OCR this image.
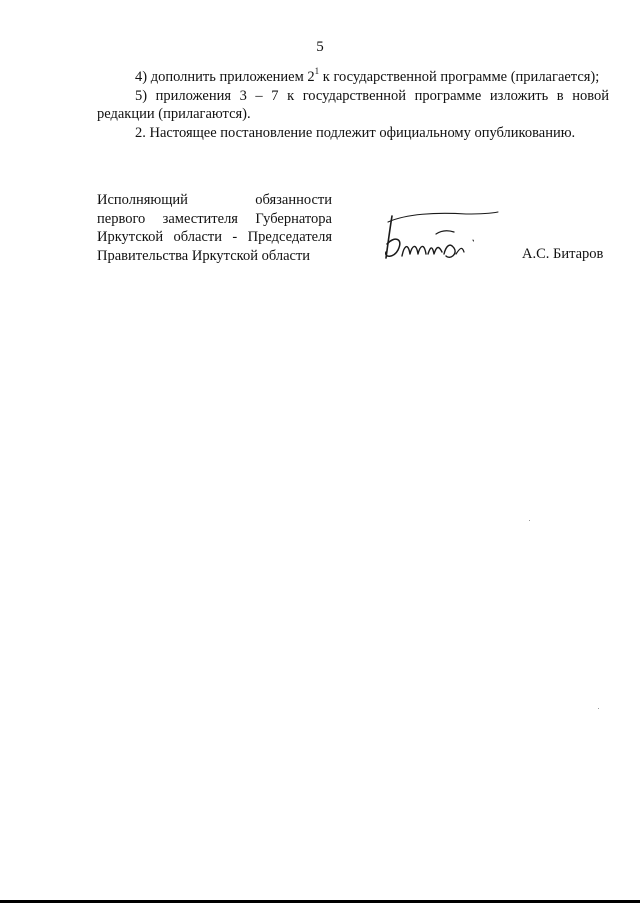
5

4) дополнить приложением $2^1$ к государственной программе (прилагается);

5) приложения 3 – 7 к государственной программе изложить в новой редакции (прилагаются).

2. Настоящее постановление подлежит официальному опубликованию.

Исполняющий обязанности
первого заместителя Губернатора
Иркутской области - Председателя
Правительства Иркутской области	А.С. Битаров
